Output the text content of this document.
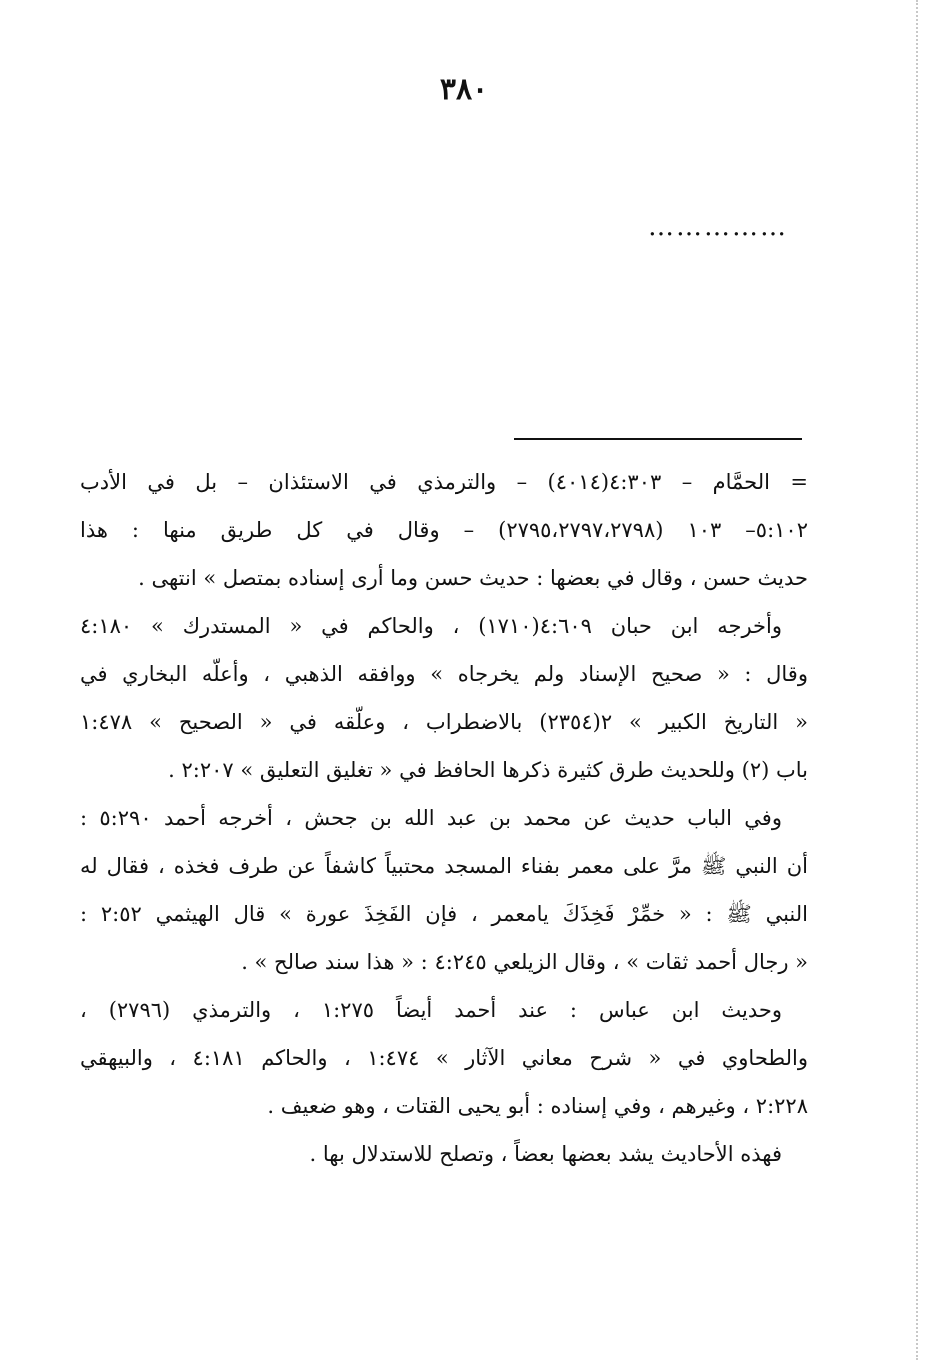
٣٨٠
……………
= الحمَّام – ٤:٣٠٣(٤٠١٤) – والترمذي في الاستئذان – بل في الأدب
٥:١٠٢– ١٠٣ (٢٧٩٥،٢٧٩٧،٢٧٩٨) – وقال في كل طريق منها : هذا
حديث حسن ، وقال في بعضها : حديث حسن وما أرى إسناده بمتصل » انتهى .
وأخرجه ابن حبان ٤:٦٠٩(١٧١٠) ، والحاكم في « المستدرك » ٤:١٨٠
وقال : « صحيح الإسناد ولم يخرجاه » ووافقه الذهبي ، وأعلّه البخاري في
« التاريخ الكبير » ٢(٢٣٥٤) بالاضطراب ، وعلّقه في « الصحيح » ١:٤٧٨
باب (٢) وللحديث طرق كثيرة ذكرها الحافظ في « تغليق التعليق » ٢:٢٠٧ .
وفي الباب حديث عن محمد بن عبد الله بن جحش ، أخرجه أحمد ٥:٢٩٠ :
أن النبي ﷺ مرَّ على معمر بفناء المسجد محتبياً كاشفاً عن طرف فخذه ، فقال له
النبي ﷺ : « خمِّرْ فَخِذَكَ يامعمر ، فإن الفَخِذَ عورة » قال الهيثمي ٢:٥٢ :
« رجال أحمد ثقات » ، وقال الزيلعي ٤:٢٤٥ : « هذا سند صالح » .
وحديث ابن عباس : عند أحمد أيضاً ١:٢٧٥ ، والترمذي (٢٧٩٦) ،
والطحاوي في « شرح معاني الآثار » ١:٤٧٤ ، والحاكم ٤:١٨١ ، والبيهقي
٢:٢٢٨ ، وغيرهم ، وفي إسناده : أبو يحيى القتات ، وهو ضعيف .
فهذه الأحاديث يشد بعضها بعضاً ، وتصلح للاستدلال بها .
